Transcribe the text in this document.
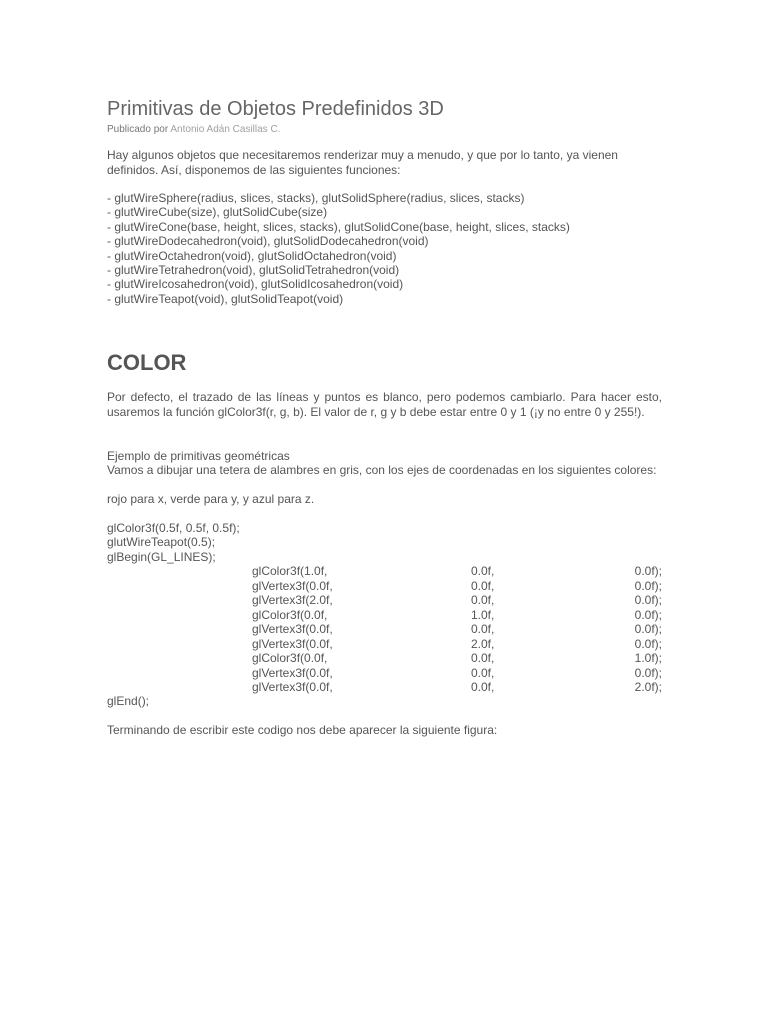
Primitivas de Objetos Predefinidos 3D
Publicado por Antonio Adán Casillas C.
Hay algunos objetos que necesitaremos renderizar muy a menudo, y que por lo tanto, ya vienen definidos. Así, disponemos de las siguientes funciones:
- glutWireSphere(radius, slices, stacks), glutSolidSphere(radius, slices, stacks)
- glutWireCube(size), glutSolidCube(size)
- glutWireCone(base, height, slices, stacks), glutSolidCone(base, height, slices, stacks)
- glutWireDodecahedron(void), glutSolidDodecahedron(void)
- glutWireOctahedron(void), glutSolidOctahedron(void)
- glutWireTetrahedron(void), glutSolidTetrahedron(void)
- glutWireIcosahedron(void), glutSolidIcosahedron(void)
- glutWireTeapot(void), glutSolidTeapot(void)
COLOR
Por defecto, el trazado de las líneas y puntos es blanco, pero podemos cambiarlo. Para hacer esto, usaremos la función glColor3f(r, g, b). El valor de r, g y b debe estar entre 0 y 1 (¡y no entre 0 y 255!).
Ejemplo de primitivas geométricas
Vamos a dibujar una tetera de alambres en gris, con los ejes de coordenadas en los siguientes colores:
rojo para x, verde para y, y azul para z.
glColor3f(0.5f, 0.5f, 0.5f);
glutWireTeapot(0.5);
glBegin(GL_LINES);
glColor3f(1.0f,	0.0f,	0.0f);
glVertex3f(0.0f,	0.0f,	0.0f);
glVertex3f(2.0f,	0.0f,	0.0f);
glColor3f(0.0f,	1.0f,	0.0f);
glVertex3f(0.0f,	0.0f,	0.0f);
glVertex3f(0.0f,	2.0f,	0.0f);
glColor3f(0.0f,	0.0f,	1.0f);
glVertex3f(0.0f,	0.0f,	0.0f);
glVertex3f(0.0f,	0.0f,	2.0f);
glEnd();
Terminando de escribir este codigo nos debe aparecer la siguiente figura:
